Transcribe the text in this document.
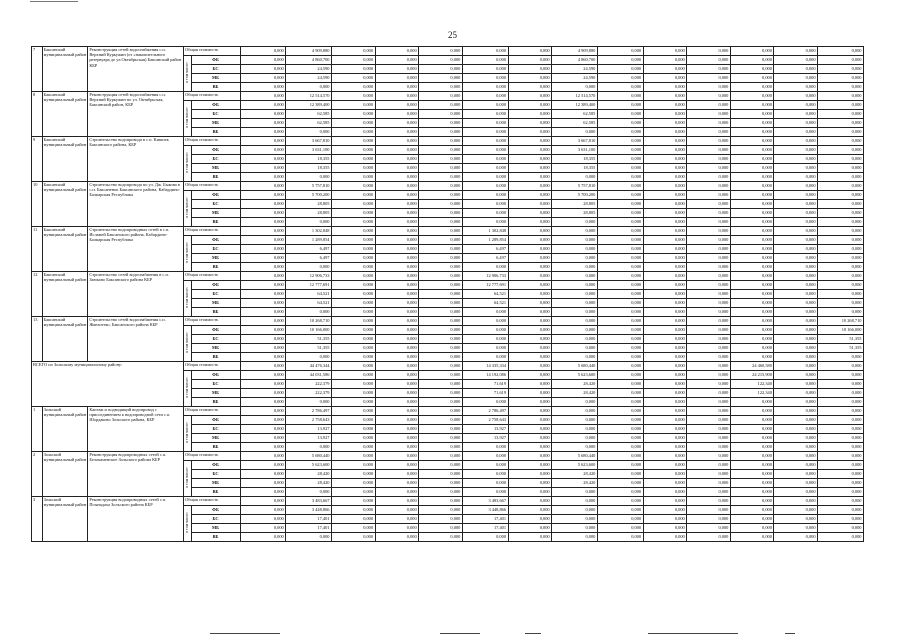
25
7	Баксанский муниципальный район	Реконструкция сетей водоснабжения с.п. Верхний Куркужин (от «накопительного резервуара до ул.Октябрьская) Баксанский район КБР	Общая стоимость		0,000	4 909,880	0,000	0,000	0,000	0,000	0,000	4 909,880	0,000	0,000	0,000	0,000	0,000	0,000
			в том числе:	ФБ	0,000	4 860,700	0,000	0,000	0,000	0,000	0,000	4 860,700	0,000	0,000	0,000	0,000	0,000	0,000
				БС	0,000	24,590	0,000	0,000	0,000	0,000	0,000	24,590	0,000	0,000	0,000	0,000	0,000	0,000
				МБ	0,000	24,590	0,000	0,000	0,000	0,000	0,000	24,590	0,000	0,000	0,000	0,000	0,000	0,000
				ВБ	0,000	0,000	0,000	0,000	0,000	0,000	0,000	0,000	0,000	0,000	0,000	0,000	0,000	0,000
8	Баксанский муниципальный район	Реконструкция сетей водоснабжения с.п. Верхний Куркужин по ул. Октябрьская, Баксанский район, КБР	Общая стоимость		0,000	12 514,570	0,000	0,000	0,000	0,000	0,000	12 514,570	0,000	0,000	0,000	0,000	0,000	0,000
			в том числе:	ФБ	0,000	12 389,400	0,000	0,000	0,000	0,000	0,000	12 389,400	0,000	0,000	0,000	0,000	0,000	0,000
				БС	0,000	62,585	0,000	0,000	0,000	0,000	0,000	62,585	0,000	0,000	0,000	0,000	0,000	0,000
				МБ	0,000	62,585	0,000	0,000	0,000	0,000	0,000	62,585	0,000	0,000	0,000	0,000	0,000	0,000
				ВБ	0,000	0,000	0,000	0,000	0,000	0,000	0,000	0,000	0,000	0,000	0,000	0,000	0,000	0,000
9	Баксанский муниципальный район	Строительство водопровода в с.п. Кишпек Баксанского района, КБР	Общая стоимость		0,000	3 667,810	0,000	0,000	0,000	0,000	0,000	3 667,810	0,000	0,000	0,000	0,000	0,000	0,000
			в том числе:	ФБ	0,000	3 631,100	0,000	0,000	0,000	0,000	0,000	3 631,100	0,000	0,000	0,000	0,000	0,000	0,000
				БС	0,000	18,355	0,000	0,000	0,000	0,000	0,000	18,355	0,000	0,000	0,000	0,000	0,000	0,000
				МБ	0,000	18,355	0,000	0,000	0,000	0,000	0,000	18,355	0,000	0,000	0,000	0,000	0,000	0,000
				ВБ	0,000	0,000	0,000	0,000	0,000	0,000	0,000	0,000	0,000	0,000	0,000	0,000	0,000	0,000
10	Баксанский муниципальный район	Строительство водопровода по ул. Дж. Быкова в с.п. Баксаненок Баксанского района, Кабардино-Балкарская Республика	Общая стоимость		0,000	5 757,810	0,000	0,000	0,000	0,000	0,000	5 757,810	0,000	0,000	0,000	0,000	0,000	0,000
			в том числе:	ФБ	0,000	5 700,200	0,000	0,000	0,000	0,000	0,000	5 700,200	0,000	0,000	0,000	0,000	0,000	0,000
				БС	0,000	28,805	0,000	0,000	0,000	0,000	0,000	28,805	0,000	0,000	0,000	0,000	0,000	0,000
				МБ	0,000	28,805	0,000	0,000	0,000	0,000	0,000	28,805	0,000	0,000	0,000	0,000	0,000	0,000
				ВБ	0,000	0,000	0,000	0,000	0,000	0,000	0,000	0,000	0,000	0,000	0,000	0,000	0,000	0,000
11	Баксанский муниципальный район	Строительство водопроводных сетей в с.п. Исламей Баксанского района, Кабардино-Балкарская Республика	Общая стоимость		0,000	1 302,848	0,000	0,000	0,000	1 302,848	0,000	0,000	0,000	0,000	0,000	0,000	0,000	0,000
			в том числе:	ФБ	0,000	1 289,854	0,000	0,000	0,000	1 289,854	0,000	0,000	0,000	0,000	0,000	0,000	0,000	0,000
				БС	0,000	6,497	0,000	0,000	0,000	6,497	0,000	0,000	0,000	0,000	0,000	0,000	0,000	0,000
				МБ	0,000	6,497	0,000	0,000	0,000	6,497	0,000	0,000	0,000	0,000	0,000	0,000	0,000	0,000
				ВБ	0,000	0,000	0,000	0,000	0,000	0,000	0,000	0,000	0,000	0,000	0,000	0,000	0,000	0,000
12	Баксанский муниципальный район	Строительство сетей водоснабжения в с.п. Заюково Баксанского района КБР	Общая стоимость		0,000	12 906,733	0,000	0,000	0,000	12 906,733	0,000	0,000	0,000	0,000	0,000	0,000	0,000	0,000
			в том числе:	ФБ	0,000	12 777,691	0,000	0,000	0,000	12 777,691	0,000	0,000	0,000	0,000	0,000	0,000	0,000	0,000
				БС	0,000	64,521	0,000	0,000	0,000	64,521	0,000	0,000	0,000	0,000	0,000	0,000	0,000	0,000
				МБ	0,000	64,521	0,000	0,000	0,000	64,521	0,000	0,000	0,000	0,000	0,000	0,000	0,000	0,000
				ВБ	0,000	0,000	0,000	0,000	0,000	0,000	0,000	0,000	0,000	0,000	0,000	0,000	0,000	0,000
13	Баксанский муниципальный район	Строительство сетей водоснабжения с.п. Жанхотеко, Баксанского района КБР	Общая стоимость		0,000	10 268,710	0,000	0,000	0,000	0,000	0,000	0,000	0,000	0,000	0,000	0,000	0,000	10 268,710
			в том числе:	ФБ	0,000	10 166,000	0,000	0,000	0,000	0,000	0,000	0,000	0,000	0,000	0,000	0,000	0,000	10 166,000
				БС	0,000	51,355	0,000	0,000	0,000	0,000	0,000	0,000	0,000	0,000	0,000	0,000	0,000	51,355
				МБ	0,000	51,355	0,000	0,000	0,000	0,000	0,000	0,000	0,000	0,000	0,000	0,000	0,000	51,355
				ВБ	0,000	0,000	0,000	0,000	0,000	0,000	0,000	0,000	0,000	0,000	0,000	0,000	0,000	0,000
ВСЕГО по Зольскому муниципальному району:			Общая стоимость		0,000	44 476,344	0,000	0,000	0,000	14 335,334	0,000	5 680,440	0,000	0,000	0,000	24 460,580	0,000	0,000
			в том числе:	ФБ	0,000	44 031,586	0,000	0,000	0,000	14 192,086	0,000	5 623,600	0,000	0,000	0,000	24 215,900	0,000	0,000
				БС	0,000	222,379	0,000	0,000	0,000	71,619	0,000	28,420	0,000	0,000	0,000	122,340	0,000	0,000
				МБ	0,000	222,379	0,000	0,000	0,000	71,619	0,000	28,420	0,000	0,000	0,000	122,340	0,000	0,000
				ВБ	0,000	0,000	0,000	0,000	0,000	0,000	0,000	0,000	0,000	0,000	0,000	0,000	0,000	0,000
1	Зольский муниципальный район	Каптаж и подводящий водопровод с присоединением к водопроводной сети с.п. Шордаково Зольского района, КБР	Общая стоимость		0,000	2 786,497	0,000	0,000	0,000	2 786,497	0,000	0,000	0,000	0,000	0,000	0,000	0,000	0,000
			в том числе:	ФБ	0,000	2 758,643	0,000	0,000	0,000	2 758,643	0,000	0,000	0,000	0,000	0,000	0,000	0,000	0,000
				БС	0,000	13,927	0,000	0,000	0,000	13,927	0,000	0,000	0,000	0,000	0,000	0,000	0,000	0,000
				МБ	0,000	13,927	0,000	0,000	0,000	13,927	0,000	0,000	0,000	0,000	0,000	0,000	0,000	0,000
				ВБ	0,000	0,000	0,000	0,000	0,000	0,000	0,000	0,000	0,000	0,000	0,000	0,000	0,000	0,000
2	Зольский муниципальный район	Реконструкция водопроводных сетей с.п. Белокаменское Зольского района КБР	Общая стоимость		0,000	5 680,440	0,000	0,000	0,000	0,000	0,000	5 680,440	0,000	0,000	0,000	0,000	0,000	0,000
			в том числе:	ФБ	0,000	5 623,600	0,000	0,000	0,000	0,000	0,000	5 623,600	0,000	0,000	0,000	0,000	0,000	0,000
				БС	0,000	28,420	0,000	0,000	0,000	0,000	0,000	28,420	0,000	0,000	0,000	0,000	0,000	0,000
				МБ	0,000	28,420	0,000	0,000	0,000	0,000	0,000	28,420	0,000	0,000	0,000	0,000	0,000	0,000
				ВБ	0,000	0,000	0,000	0,000	0,000	0,000	0,000	0,000	0,000	0,000	0,000	0,000	0,000	0,000
3	Зольский муниципальный район	Реконструкция водопроводных сетей с.п. Псынадаха Зольского района КБР	Общая стоимость		0,000	3 483,667	0,000	0,000	0,000	3 483,667	0,000	0,000	0,000	0,000	0,000	0,000	0,000	0,000
			в том числе:	ФБ	0,000	3 448,866	0,000	0,000	0,000	3 448,866	0,000	0,000	0,000	0,000	0,000	0,000	0,000	0,000
				БС	0,000	17,401	0,000	0,000	0,000	17,401	0,000	0,000	0,000	0,000	0,000	0,000	0,000	0,000
				МБ	0,000	17,401	0,000	0,000	0,000	17,401	0,000	0,000	0,000	0,000	0,000	0,000	0,000	0,000
				ВБ	0,000	0,000	0,000	0,000	0,000	0,000	0,000	0,000	0,000	0,000	0,000	0,000	0,000	0,000
